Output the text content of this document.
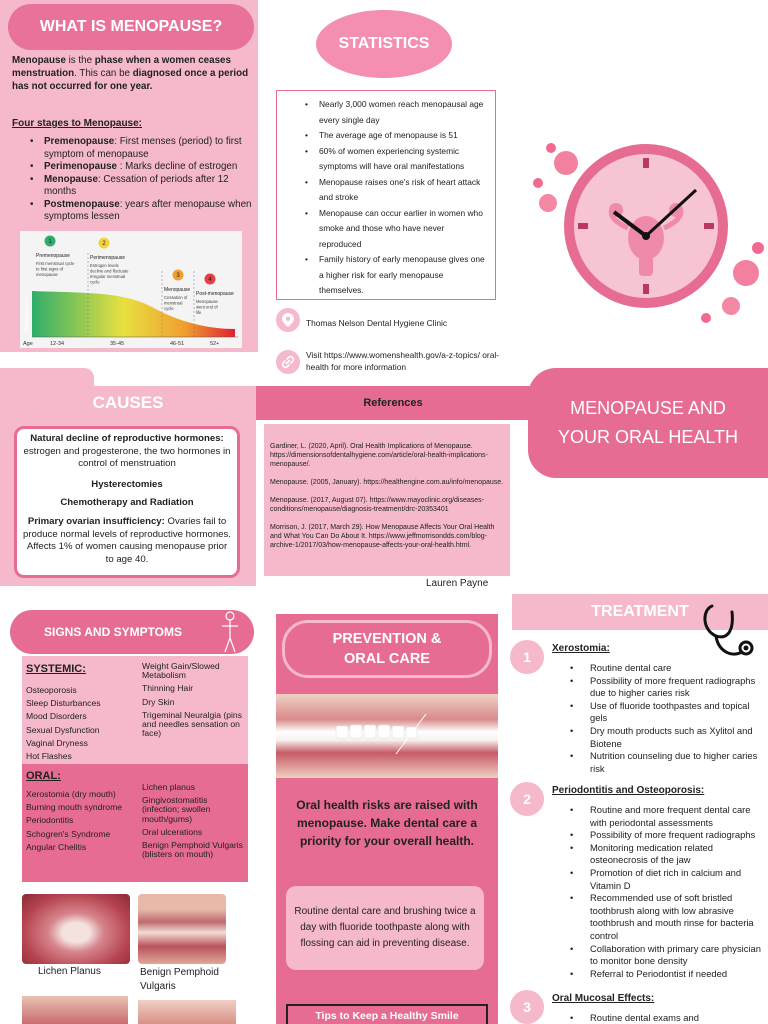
WHAT IS MENOPAUSE?
Menopause is the phase when a women ceases menstruation. This can be diagnosed once a period has not occurred for one year.
Four stages to Menopause:
• Premenopause: First menses (period) to first symptom of menopause
• Perimenopause : Marks decline of estrogen
• Menopause: Cessation of periods after 12 months
• Postmenopause: years after menopause when symptoms lessen
Estrogen Level
Age
1
Premenopause
First menstrual cycle
to first signs of
menopause
2
Perimenopause
Estrogen levels
decline and fluctuate
Irregular menstrual
cycle
3
Menopause
Cessation of
menstrual
cycle
4
Post-menopause
Menopause
went end of
life
12-34	35-45	46-51	52+
STATISTICS
• Nearly 3,000 women reach menopausal age every single day
• The average age of menopause is 51
• 60% of women experiencing systemic symptoms will have oral manifestations
• Menopause raises one's risk of heart attack and stroke
• Menopause can occur earlier in women who smoke and those who have never reproduced
• Family history of early menopause gives one a higher risk for early menopause themselves.
Thomas Nelson Dental Hygiene Clinic
Visit https://www.womenshealth.gov/a-z-topics/ oral-health for more information
CAUSES	References	MENOPAUSE AND YOUR ORAL HEALTH
Natural decline of reproductive hormones: estrogen and progesterone, the two hormones in control of menstruation
Hysterectomies
Chemotherapy and Radiation
Primary ovarian insufficiency: Ovaries fail to produce normal levels of reproductive hormones. Affects 1% of women causing menopause prior to age 40.
Gardiner, L. (2020, April). Oral Health Implications of Menopause. https://dimensionsofdentalhygiene.com/article/oral-health-implications-menopause/.
Menopause. (2005, January). https://healthengine.com.au/info/menopause.
Menopause. (2017, August 07). https://www.mayoclinic.org/diseases-conditions/menopause/diagnosis-treatment/drc-20353401
Morrison, J. (2017, March 29). How Menopause Affects Your Oral Health and What You Can Do About It. https://www.jeffmorrisondds.com/blog-archive-1/2017/03/how-menopause-affects-your-oral-health.html.
Lauren Payne
SIGNS AND SYMPTOMS
SYSTEMIC:
Osteoporosis
Sleep Disturbances
Mood Disorders
Sexual Dysfunction
Vaginal Dryness
Hot Flashes
Weight Gain/Slowed Metabolism
Thinning Hair
Dry Skin
Trigeminal Neuralgia (pins and needles sensation on face)
ORAL:
Xerostomia (dry mouth)
Burning mouth syndrome
Periodontitis
Schogren's Syndrome
Angular Chelitis
Lichen planus
Gingivostomatitis (infection; swollen mouth/gums)
Oral ulcerations
Benign Pemphoid Vulgaris (blisters on mouth)
Lichen Planus	Benign Pemphoid Vulgaris
PREVENTION & ORAL CARE
Oral health risks are raised with menopause. Make dental care a priority for your overall health.
Routine dental care and brushing twice a day with fluoride toothpaste along with flossing can aid in preventing disease.
Tips to Keep a Healthy Smile
TREATMENT
1
Xerostomia:
• Routine dental care
• Possibility of more frequent radiographs due to higher caries risk
• Use of fluoride toothpastes and topical gels
• Dry mouth products such as Xylitol and Biotene
• Nutrition counseling due to higher caries risk
2
Periodontitis and Osteoporosis:
• Routine and more frequent dental care with periodontal assessments
• Possibility of more frequent radiographs
• Monitoring medication related osteonecrosis of the jaw
• Promotion of diet rich in calcium and Vitamin D
• Recommended use of soft bristled toothbrush along with low abrasive toothbrush and mouth rinse for bacteria control
• Collaboration with primary care physician to monitor bone density
• Referral to Periodontist if needed
3
Oral Mucosal Effects:
• Routine dental exams and
